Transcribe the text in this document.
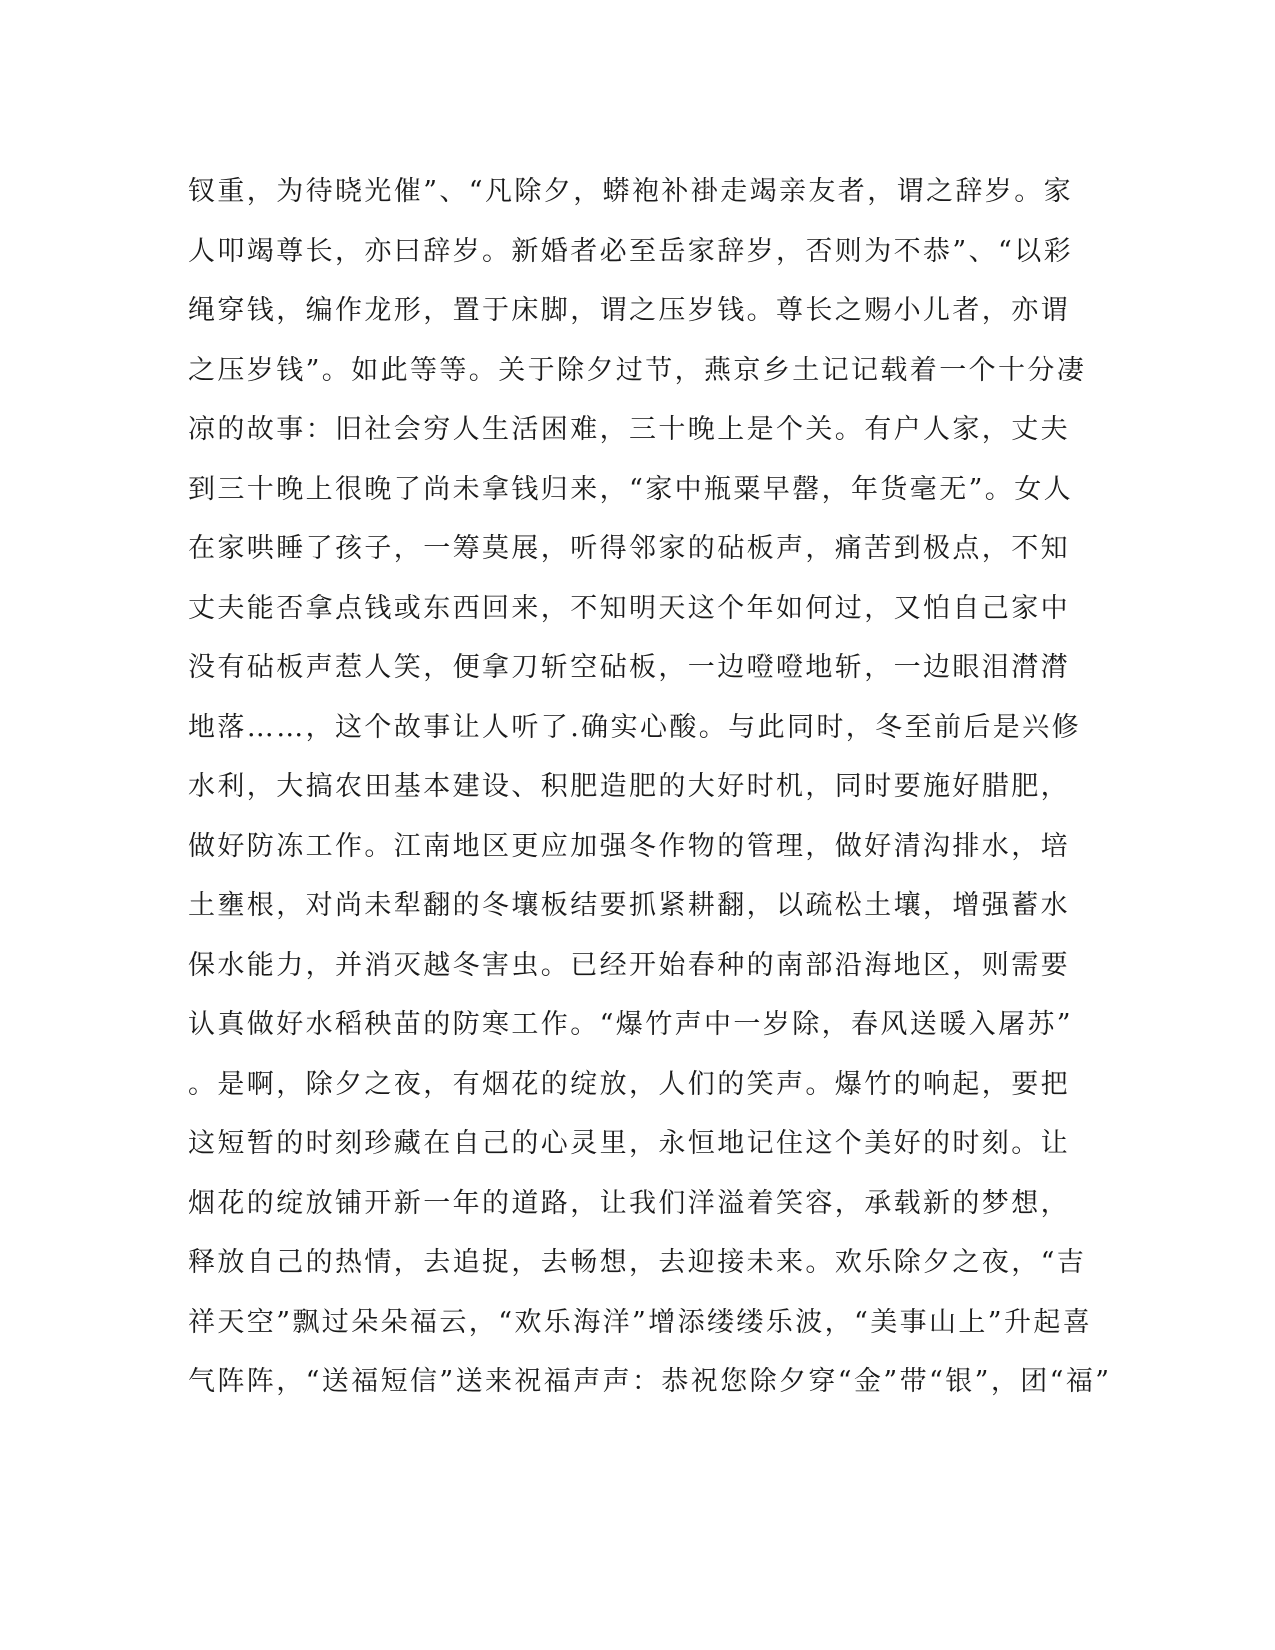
钗重，为待晓光催”、“凡除夕，蟒袍补褂走竭亲友者，谓之辞岁。家
人叩竭尊长，亦曰辞岁。新婚者必至岳家辞岁，否则为不恭”、“以彩
绳穿钱，编作龙形，置于床脚，谓之压岁钱。尊长之赐小儿者，亦谓
之压岁钱”。如此等等。关于除夕过节，燕京乡土记记载着一个十分凄
凉的故事：旧社会穷人生活困难，三十晚上是个关。有户人家，丈夫
到三十晚上很晚了尚未拿钱归来，“家中瓶粟早罄，年货毫无”。女人
在家哄睡了孩子，一筹莫展，听得邻家的砧板声，痛苦到极点，不知
丈夫能否拿点钱或东西回来，不知明天这个年如何过，又怕自己家中
没有砧板声惹人笑，便拿刀斩空砧板，一边噔噔地斩，一边眼泪潸潸
地落……，这个故事让人听了.确实心酸。与此同时，冬至前后是兴修
水利，大搞农田基本建设、积肥造肥的大好时机，同时要施好腊肥，
做好防冻工作。江南地区更应加强冬作物的管理，做好清沟排水，培
土壅根，对尚未犁翻的冬壤板结要抓紧耕翻，以疏松土壤，增强蓄水
保水能力，并消灭越冬害虫。已经开始春种的南部沿海地区，则需要
认真做好水稻秧苗的防寒工作。“爆竹声中一岁除，春风送暖入屠苏”
。是啊，除夕之夜，有烟花的绽放，人们的笑声。爆竹的响起，要把
这短暂的时刻珍藏在自己的心灵里，永恒地记住这个美好的时刻。让
烟花的绽放铺开新一年的道路，让我们洋溢着笑容，承载新的梦想，
释放自己的热情，去追捉，去畅想，去迎接未来。欢乐除夕之夜，“吉
祥天空”飘过朵朵福云，“欢乐海洋”增添缕缕乐波，“美事山上”升起喜
气阵阵，“送福短信”送来祝福声声：恭祝您除夕穿“金”带“银”，团“福”
